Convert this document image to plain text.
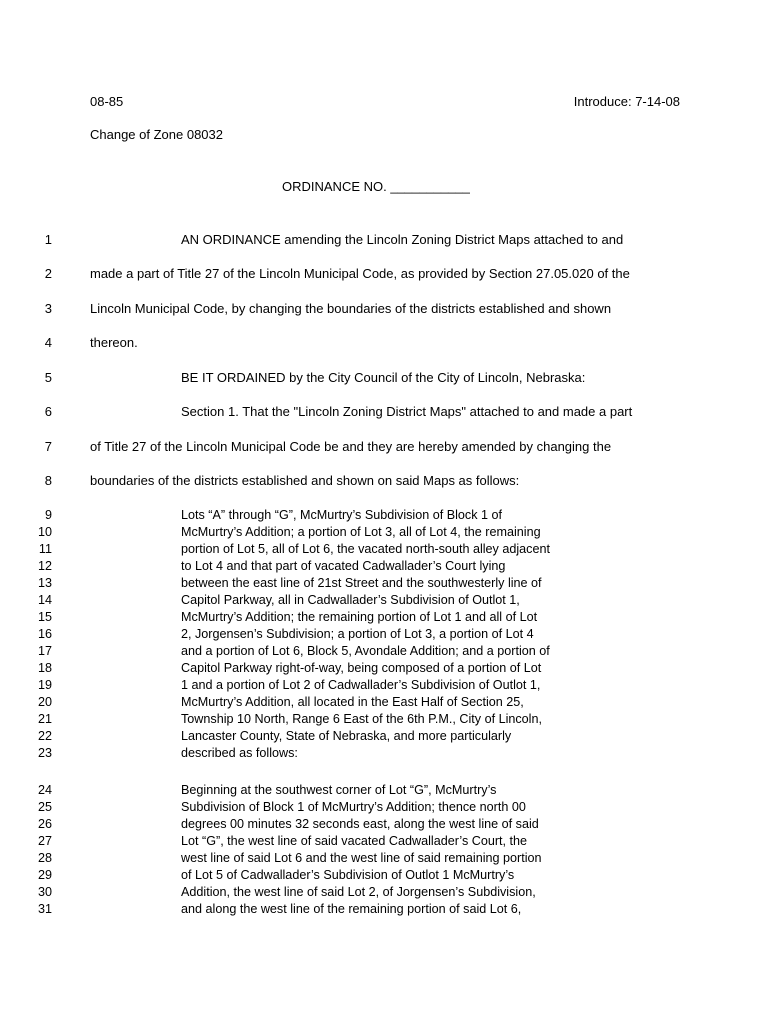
08-85	Introduce: 7-14-08
Change of Zone 08032
ORDINANCE NO. ___________
1	AN ORDINANCE amending the Lincoln Zoning District Maps attached to and
2	made a part of Title 27 of the Lincoln Municipal Code, as provided by Section 27.05.020 of the
3	Lincoln Municipal Code, by changing the boundaries of the districts established and shown
4	thereon.
5	BE IT ORDAINED by the City Council of the City of Lincoln, Nebraska:
6	Section 1. That the "Lincoln Zoning District Maps" attached to and made a part
7	of Title 27 of the Lincoln Municipal Code be and they are hereby amended by changing the
8	boundaries of the districts established and shown on said Maps as follows:
9
10
11
12
13
14
15
16
17
18
19
20
21
22
23
Lots “A” through “G”, McMurtry’s Subdivision of Block 1 of
McMurtry’s Addition; a portion of Lot 3, all of Lot 4, the remaining
portion of Lot 5, all of Lot 6, the vacated north-south alley adjacent
to Lot 4 and that part of vacated Cadwallader’s Court lying
between the east line of 21st Street and the southwesterly line of
Capitol Parkway, all in Cadwallader’s Subdivision of Outlot 1,
McMurtry’s Addition; the remaining portion of Lot 1 and all of Lot
2, Jorgensen’s Subdivision; a portion of Lot 3, a portion of Lot 4
and a portion of Lot 6, Block 5, Avondale Addition; and a portion of
Capitol Parkway right-of-way, being composed of a portion of Lot
1 and a portion of Lot 2 of Cadwallader’s Subdivision of Outlot 1,
McMurtry’s Addition, all located in the East Half of Section 25,
Township 10 North, Range 6 East of the 6th P.M., City of Lincoln,
Lancaster County, State of Nebraska, and more particularly
described as follows:
24
25
26
27
28
29
30
31
Beginning at the southwest corner of Lot “G”, McMurtry’s
Subdivision of Block 1 of McMurtry’s Addition; thence north 00
degrees 00 minutes 32 seconds east, along the west line of said
Lot “G”, the west line of said vacated Cadwallader’s Court, the
west line of said Lot 6 and the west line of said remaining portion
of Lot 5 of Cadwallader’s Subdivision of Outlot 1 McMurtry’s
Addition, the west line of said Lot 2, of Jorgensen’s Subdivision,
and along the west line of the remaining portion of said Lot 6,
